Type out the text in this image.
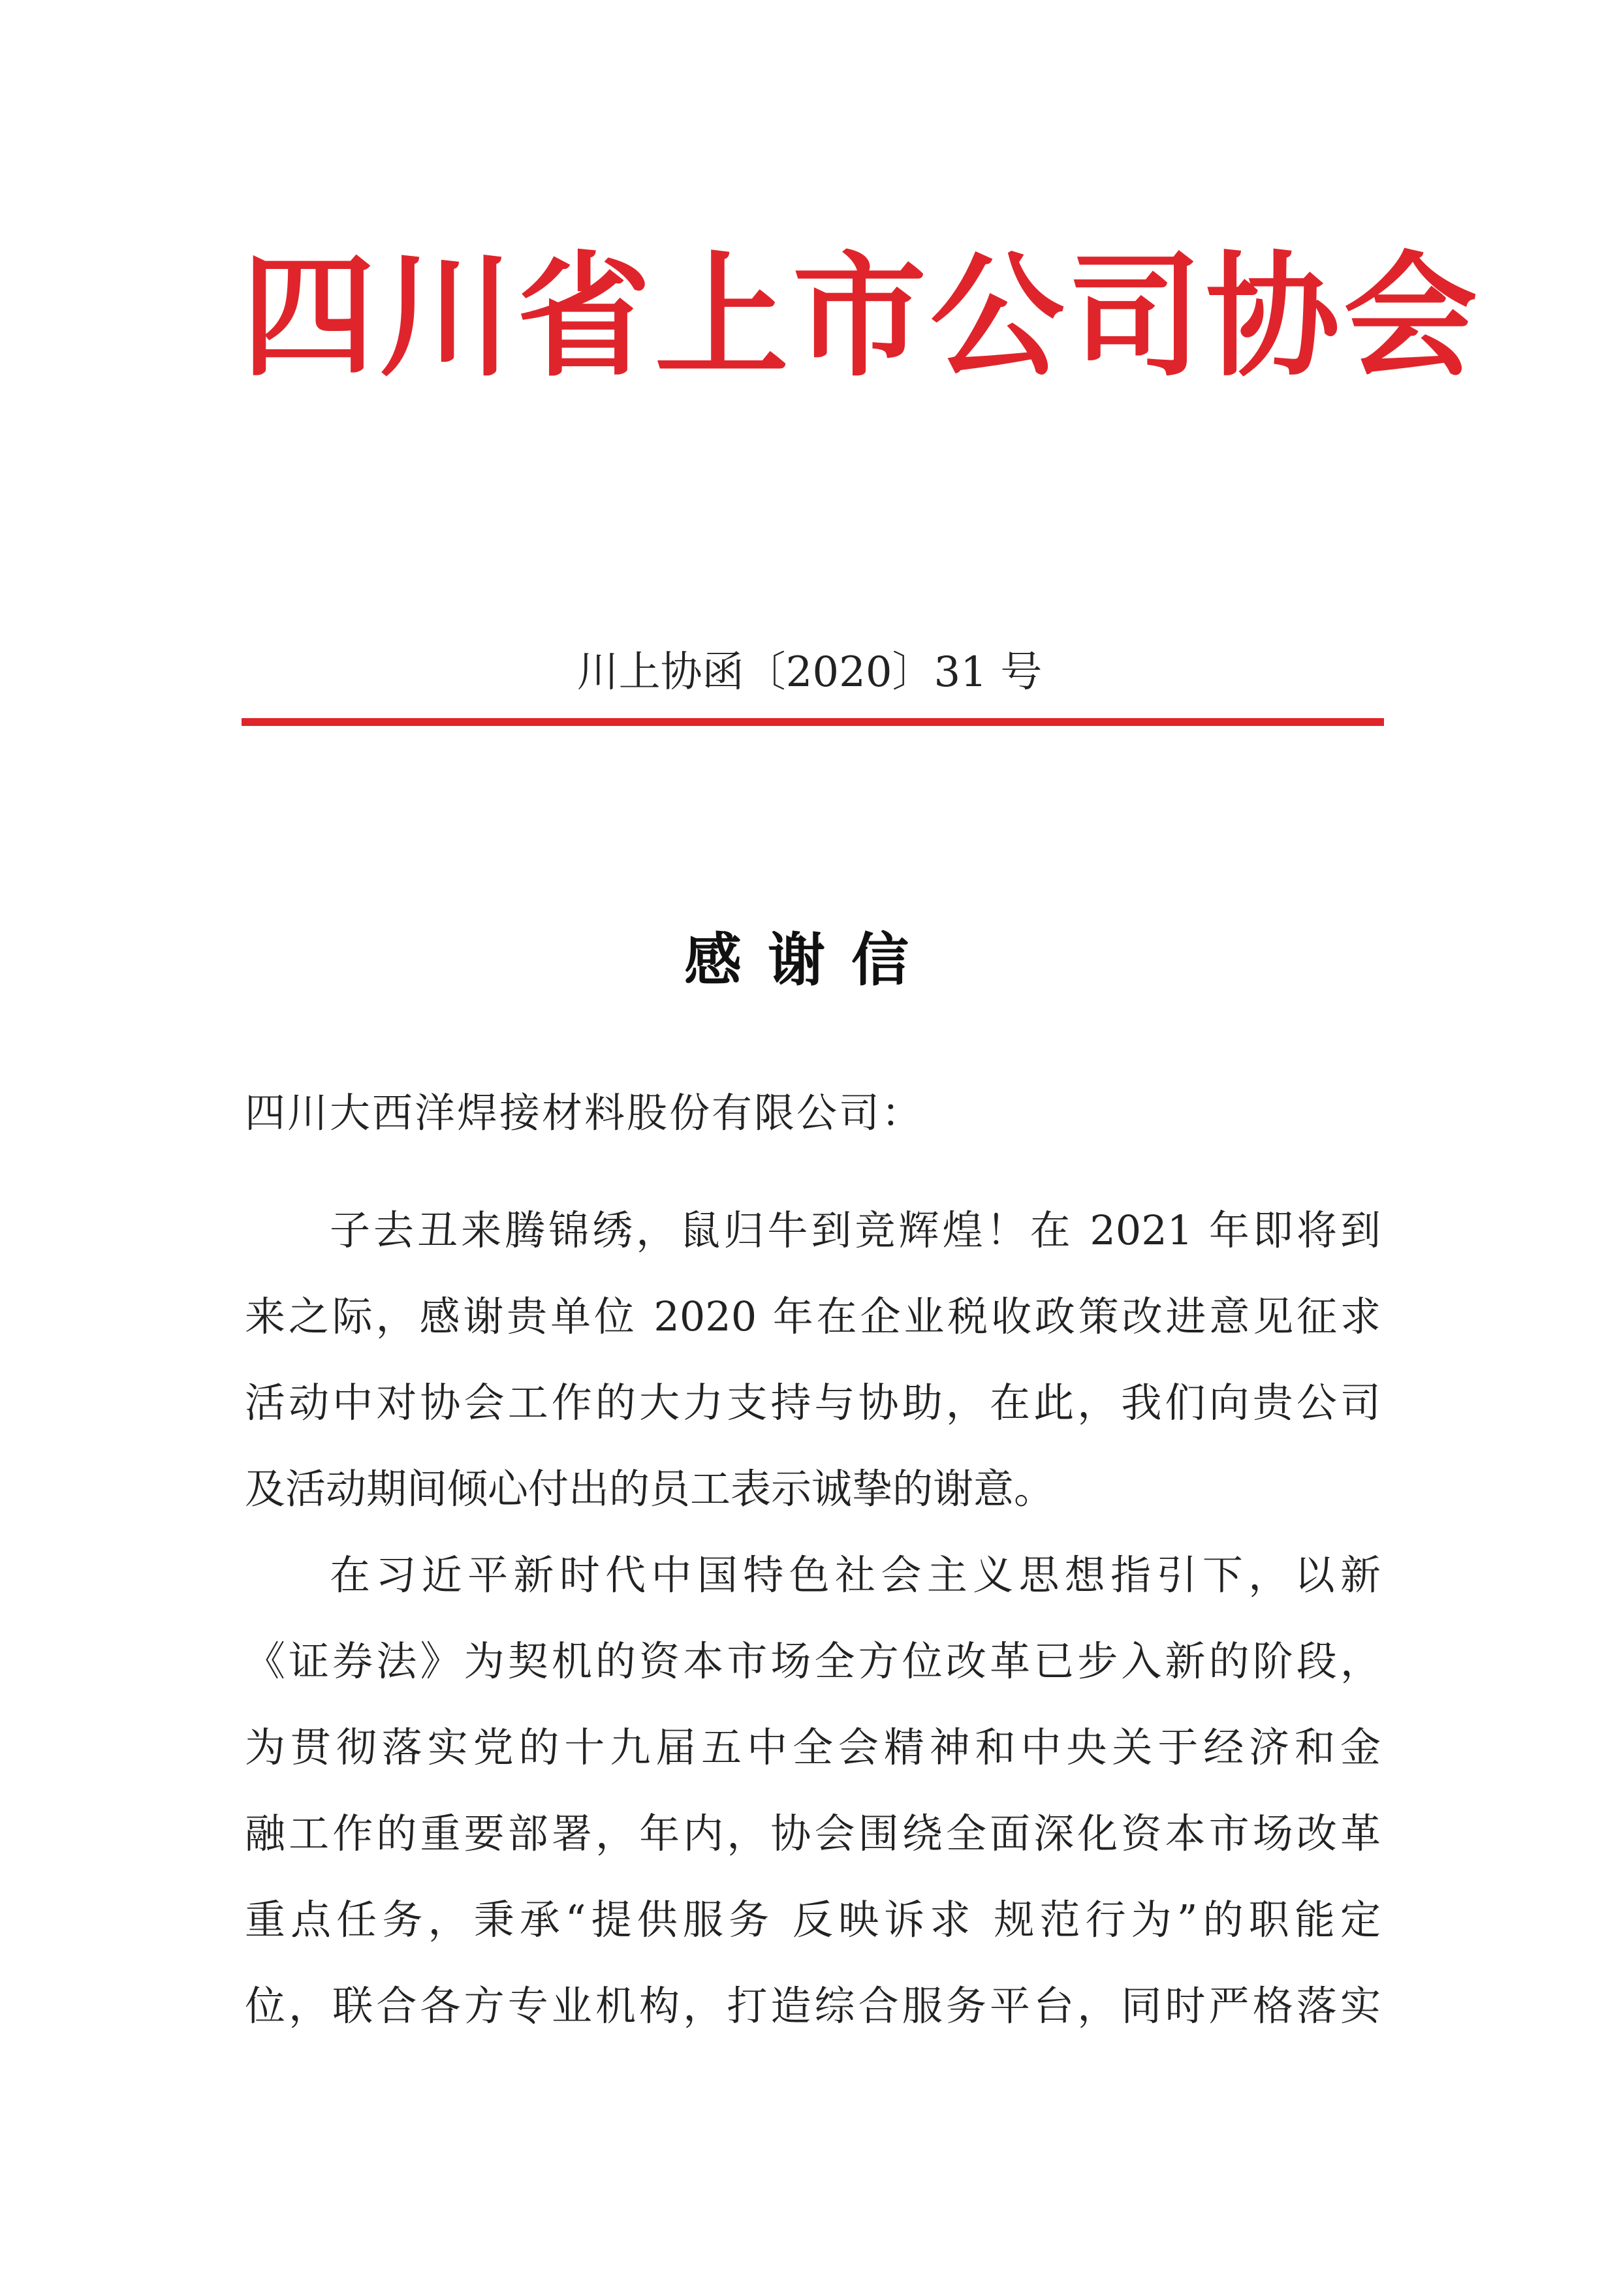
四川省上市公司协会
川上协函〔2020〕31 号
感谢信
四川大西洋焊接材料股份有限公司：
子去丑来腾锦绣，鼠归牛到竞辉煌！在 2021 年即将到
来之际，感谢贵单位 2020 年在企业税收政策改进意见征求
活动中对协会工作的大力支持与协助，在此，我们向贵公司
及活动期间倾心付出的员工表示诚挚的谢意。
在习近平新时代中国特色社会主义思想指引下，以新
《证券法》为契机的资本市场全方位改革已步入新的阶段，
为贯彻落实党的十九届五中全会精神和中央关于经济和金
融工作的重要部署，年内，协会围绕全面深化资本市场改革
重点任务，秉承“提供服务 反映诉求 规范行为”的职能定
位，联合各方专业机构，打造综合服务平台，同时严格落实
